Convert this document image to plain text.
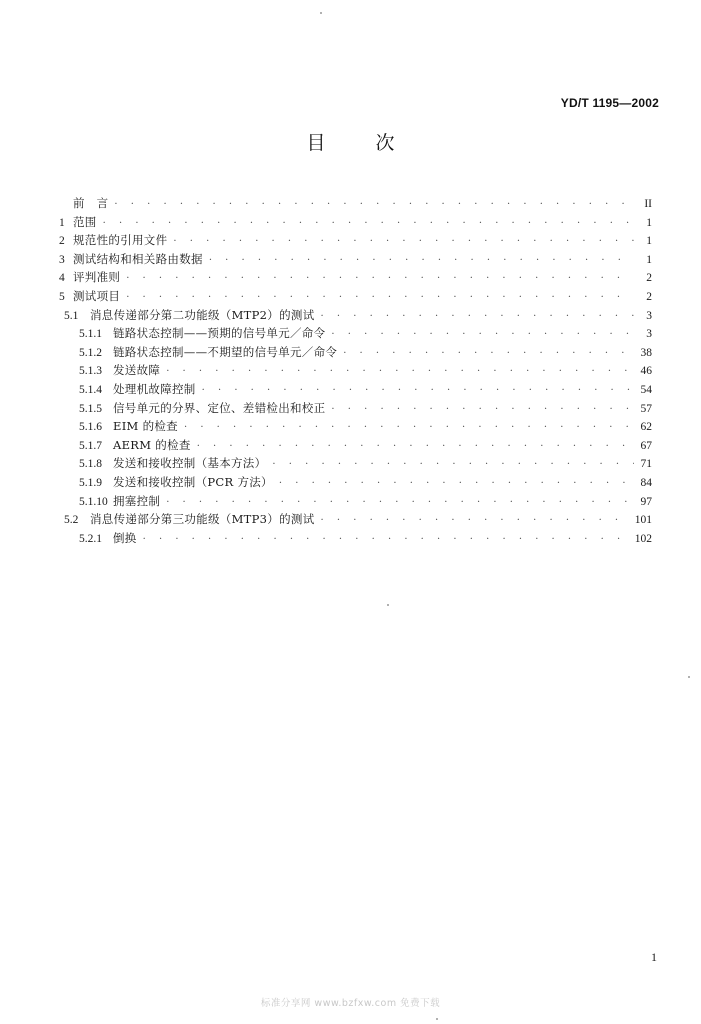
YD/T 1195—2002
目	次
前　言 · · ·	II
1 范围 · · ·	1
2 规范性的引用文件 · · ·	1
3 测试结构和相关路由数据 · · ·	1
4 评判准则 · · ·	2
5 测试项目 · · ·	2
5.1	消息传递部分第二功能级（MTP2）的测试 · · ·	3
5.1.1 链路状态控制——预期的信号单元／命令 · · ·	3
5.1.2 链路状态控制——不期望的信号单元／命令 · · ·	38
5.1.3 发送故障 · · ·	46
5.1.4 处理机故障控制 · · ·	54
5.1.5 信号单元的分界、定位、差错检出和校正 · · ·	57
5.1.6 EIM 的检查 · · ·	62
5.1.7 AERM 的检查 · · ·	67
5.1.8 发送和接收控制（基本方法） · · ·	71
5.1.9 发送和接收控制（PCR 方法） · · ·	84
5.1.10 拥塞控制 · · ·	97
5.2	消息传递部分第三功能级（MTP3）的测试 · · ·	101
5.2.1 倒换 · · ·	102
1
标准分享网 www.bzfxw.com 免费下载
